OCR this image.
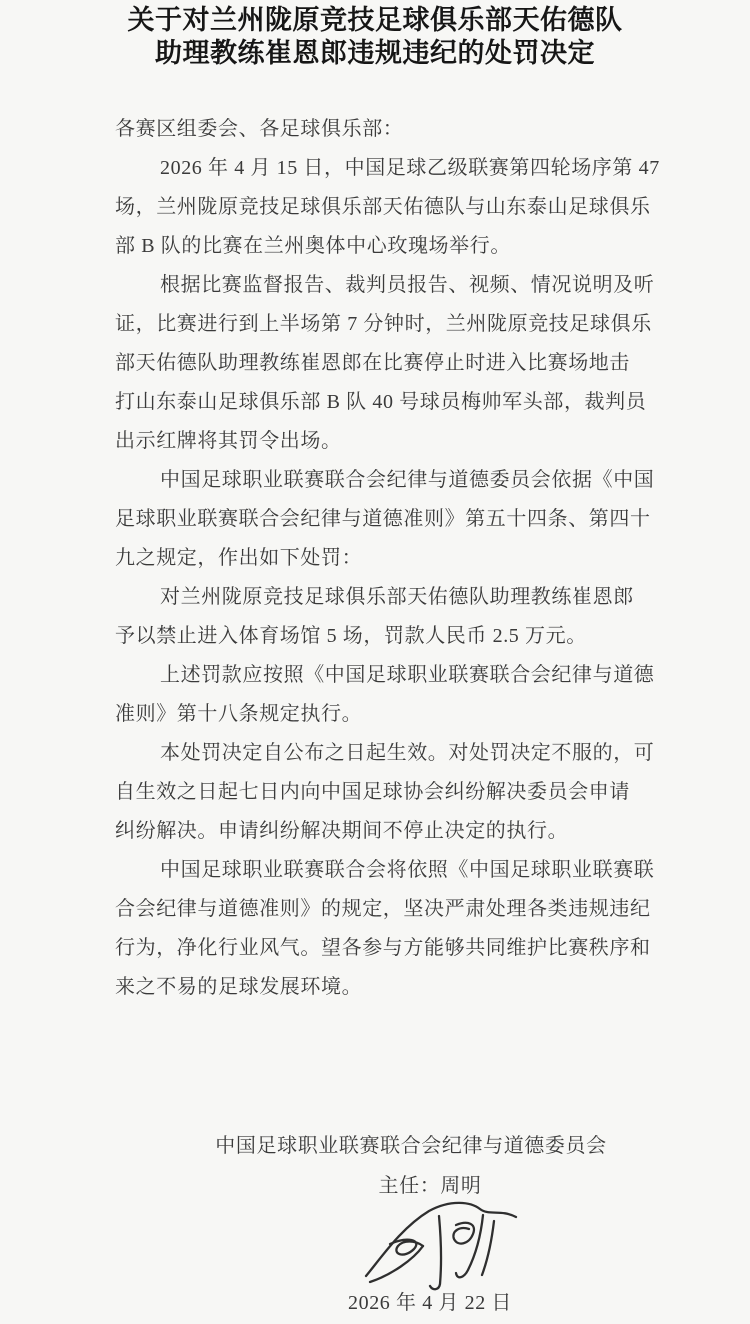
关于对兰州陇原竞技足球俱乐部天佑德队
助理教练崔恩郎违规违纪的处罚决定
各赛区组委会、各足球俱乐部：
2026 年 4 月 15 日，中国足球乙级联赛第四轮场序第 47
场，兰州陇原竞技足球俱乐部天佑德队与山东泰山足球俱乐
部 B 队的比赛在兰州奥体中心玫瑰场举行。
根据比赛监督报告、裁判员报告、视频、情况说明及听
证，比赛进行到上半场第 7 分钟时，兰州陇原竞技足球俱乐
部天佑德队助理教练崔恩郎在比赛停止时进入比赛场地击
打山东泰山足球俱乐部 B 队 40 号球员梅帅军头部，裁判员
出示红牌将其罚令出场。
中国足球职业联赛联合会纪律与道德委员会依据《中国
足球职业联赛联合会纪律与道德准则》第五十四条、第四十
九之规定，作出如下处罚：
对兰州陇原竞技足球俱乐部天佑德队助理教练崔恩郎
予以禁止进入体育场馆 5 场，罚款人民币 2.5 万元。
上述罚款应按照《中国足球职业联赛联合会纪律与道德
准则》第十八条规定执行。
本处罚决定自公布之日起生效。对处罚决定不服的，可
自生效之日起七日内向中国足球协会纠纷解决委员会申请
纠纷解决。申请纠纷解决期间不停止决定的执行。
中国足球职业联赛联合会将依照《中国足球职业联赛联
合会纪律与道德准则》的规定，坚决严肃处理各类违规违纪
行为，净化行业风气。望各参与方能够共同维护比赛秩序和
来之不易的足球发展环境。
中国足球职业联赛联合会纪律与道德委员会
主任：周明
2026 年 4 月 22 日
